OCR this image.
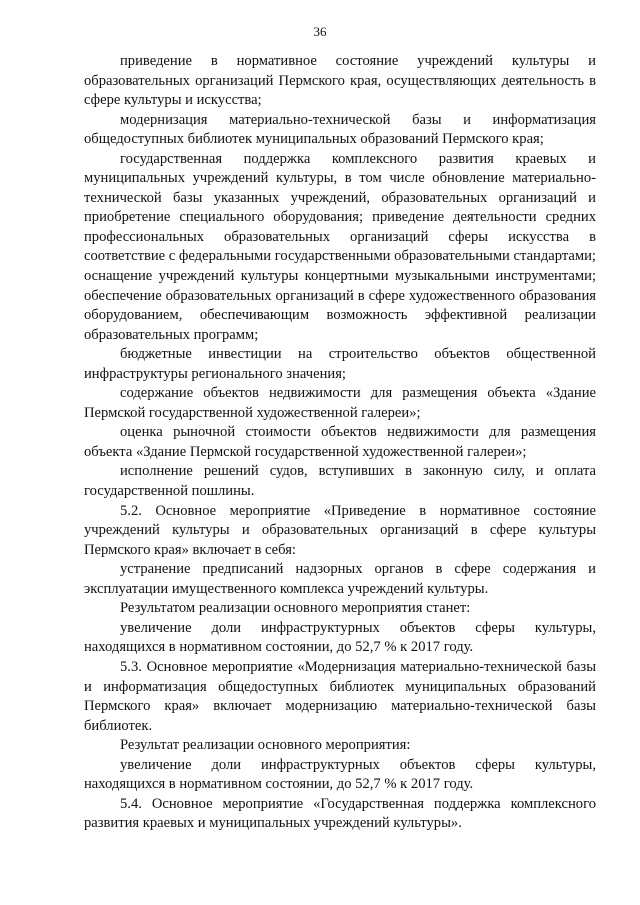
36

приведение в нормативное состояние учреждений культуры и образовательных организаций Пермского края, осуществляющих деятельность в сфере культуры и искусства;

модернизация материально-технической базы и информатизация общедоступных библиотек муниципальных образований Пермского края;

государственная поддержка комплексного развития краевых и муниципальных учреждений культуры, в том числе обновление материально-технической базы указанных учреждений, образовательных организаций и приобретение специального оборудования; приведение деятельности средних профессиональных образовательных организаций сферы искусства в соответствие с федеральными государственными образовательными стандартами; оснащение учреждений культуры концертными музыкальными инструментами; обеспечение образовательных организаций в сфере художественного образования оборудованием, обеспечивающим возможность эффективной реализации образовательных программ;

бюджетные инвестиции на строительство объектов общественной инфраструктуры регионального значения;

содержание объектов недвижимости для размещения объекта «Здание Пермской государственной художественной галереи»;

оценка рыночной стоимости объектов недвижимости для размещения объекта «Здание Пермской государственной художественной галереи»;

исполнение решений судов, вступивших в законную силу, и оплата государственной пошлины.

5.2. Основное мероприятие «Приведение в нормативное состояние учреждений культуры и образовательных организаций в сфере культуры Пермского края» включает в себя:

устранение предписаний надзорных органов в сфере содержания и эксплуатации имущественного комплекса учреждений культуры.

Результатом реализации основного мероприятия станет:

увеличение доли инфраструктурных объектов сферы культуры, находящихся в нормативном состоянии, до 52,7 % к 2017 году.

5.3. Основное мероприятие «Модернизация материально-технической базы и информатизация общедоступных библиотек муниципальных образований Пермского края» включает модернизацию материально-технической базы библиотек.

Результат реализации основного мероприятия:

увеличение доли инфраструктурных объектов сферы культуры, находящихся в нормативном состоянии, до 52,7 % к 2017 году.

5.4. Основное мероприятие «Государственная поддержка комплексного развития краевых и муниципальных учреждений культуры».
